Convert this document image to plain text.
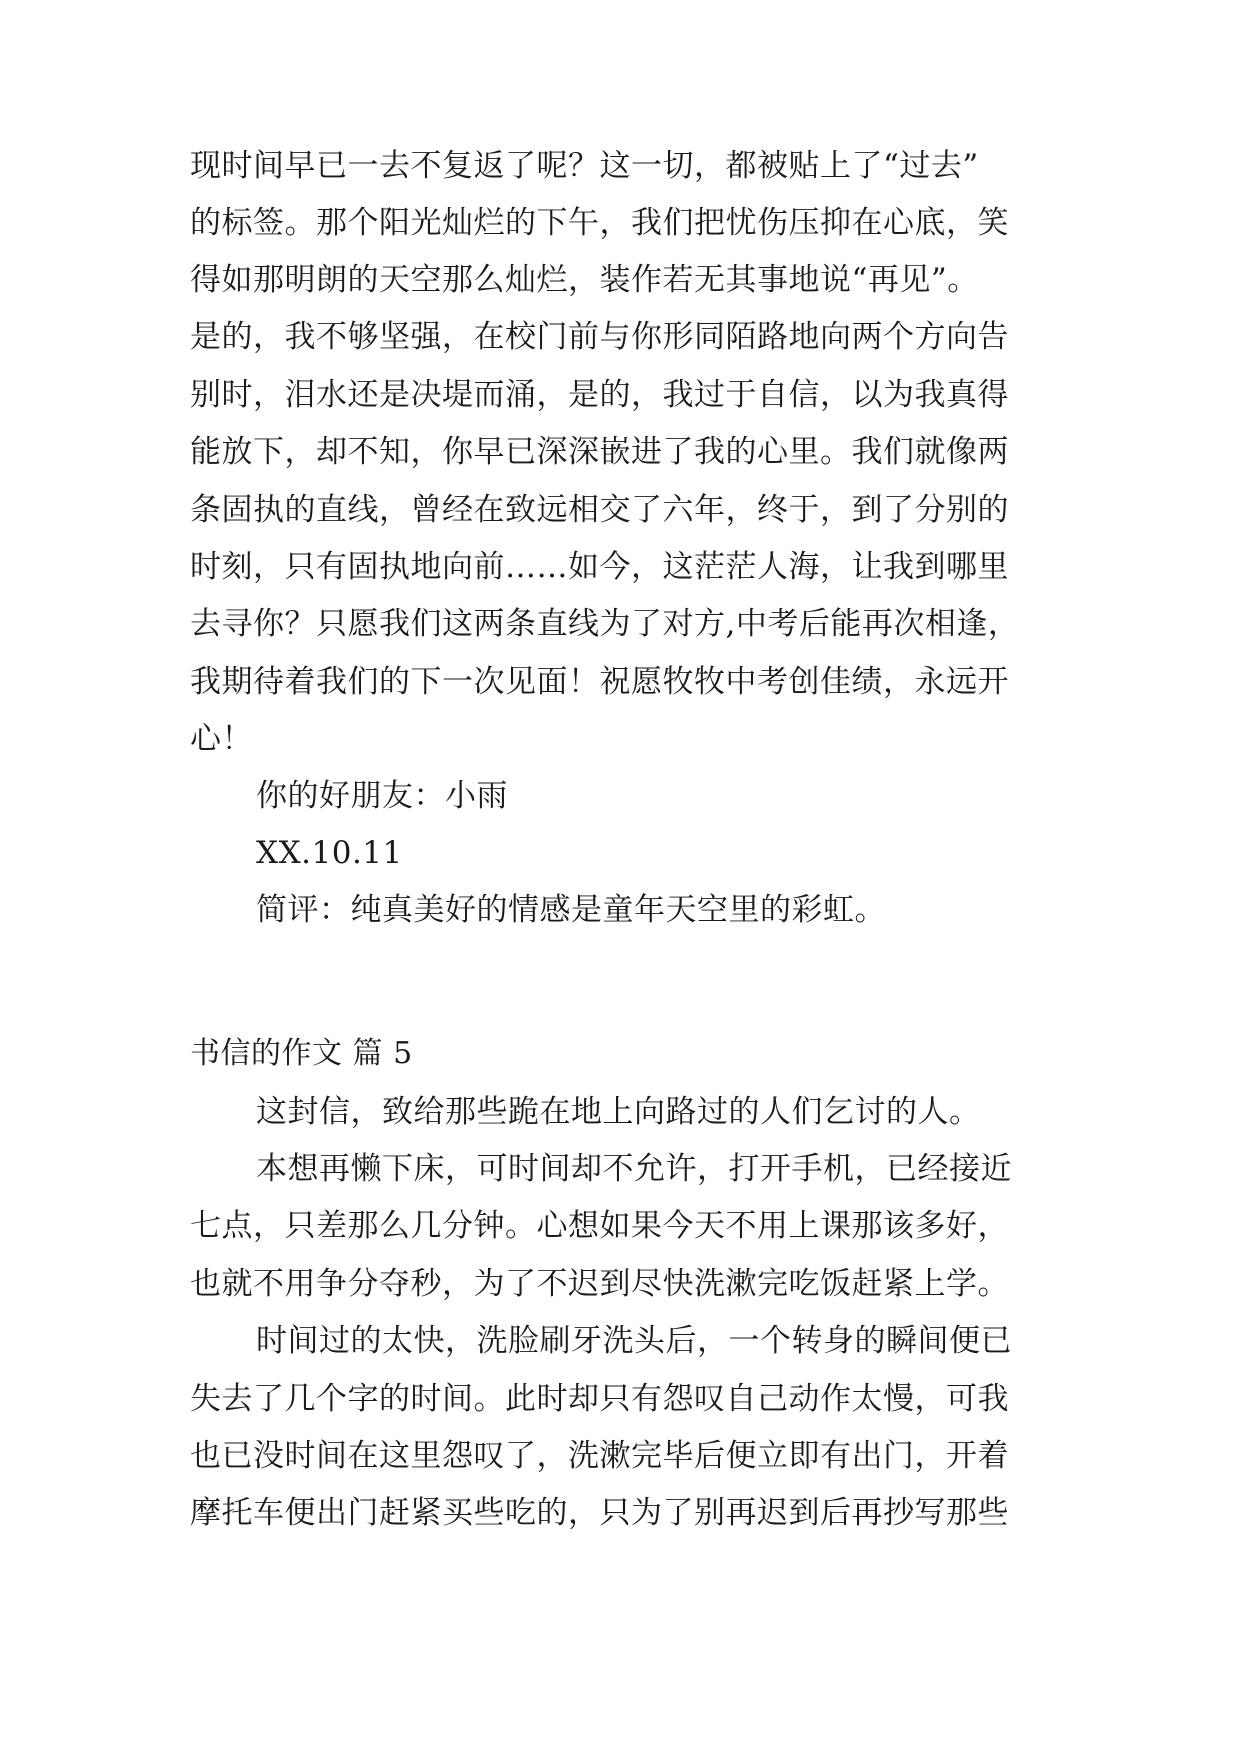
现时间早已一去不复返了呢？这一切，都被贴上了“过去”
的标签。那个阳光灿烂的下午，我们把忧伤压抑在心底，笑
得如那明朗的天空那么灿烂，装作若无其事地说“再见”。
是的，我不够坚强，在校门前与你形同陌路地向两个方向告
别时，泪水还是决堤而涌，是的，我过于自信，以为我真得
能放下，却不知，你早已深深嵌进了我的心里。我们就像两
条固执的直线，曾经在致远相交了六年，终于，到了分别的
时刻，只有固执地向前……如今，这茫茫人海，让我到哪里
去寻你？只愿我们这两条直线为了对方,中考后能再次相逢，
我期待着我们的下一次见面！祝愿牧牧中考创佳绩，永远开
心！
你的好朋友：小雨
XX.10.11
简评：纯真美好的情感是童年天空里的彩虹。
书信的作文 篇 5
这封信，致给那些跪在地上向路过的人们乞讨的人。
本想再懒下床，可时间却不允许，打开手机，已经接近
七点，只差那么几分钟。心想如果今天不用上课那该多好，
也就不用争分夺秒，为了不迟到尽快洗漱完吃饭赶紧上学。
时间过的太快，洗脸刷牙洗头后，一个转身的瞬间便已
失去了几个字的时间。此时却只有怨叹自己动作太慢，可我
也已没时间在这里怨叹了，洗漱完毕后便立即有出门，开着
摩托车便出门赶紧买些吃的，只为了别再迟到后再抄写那些
